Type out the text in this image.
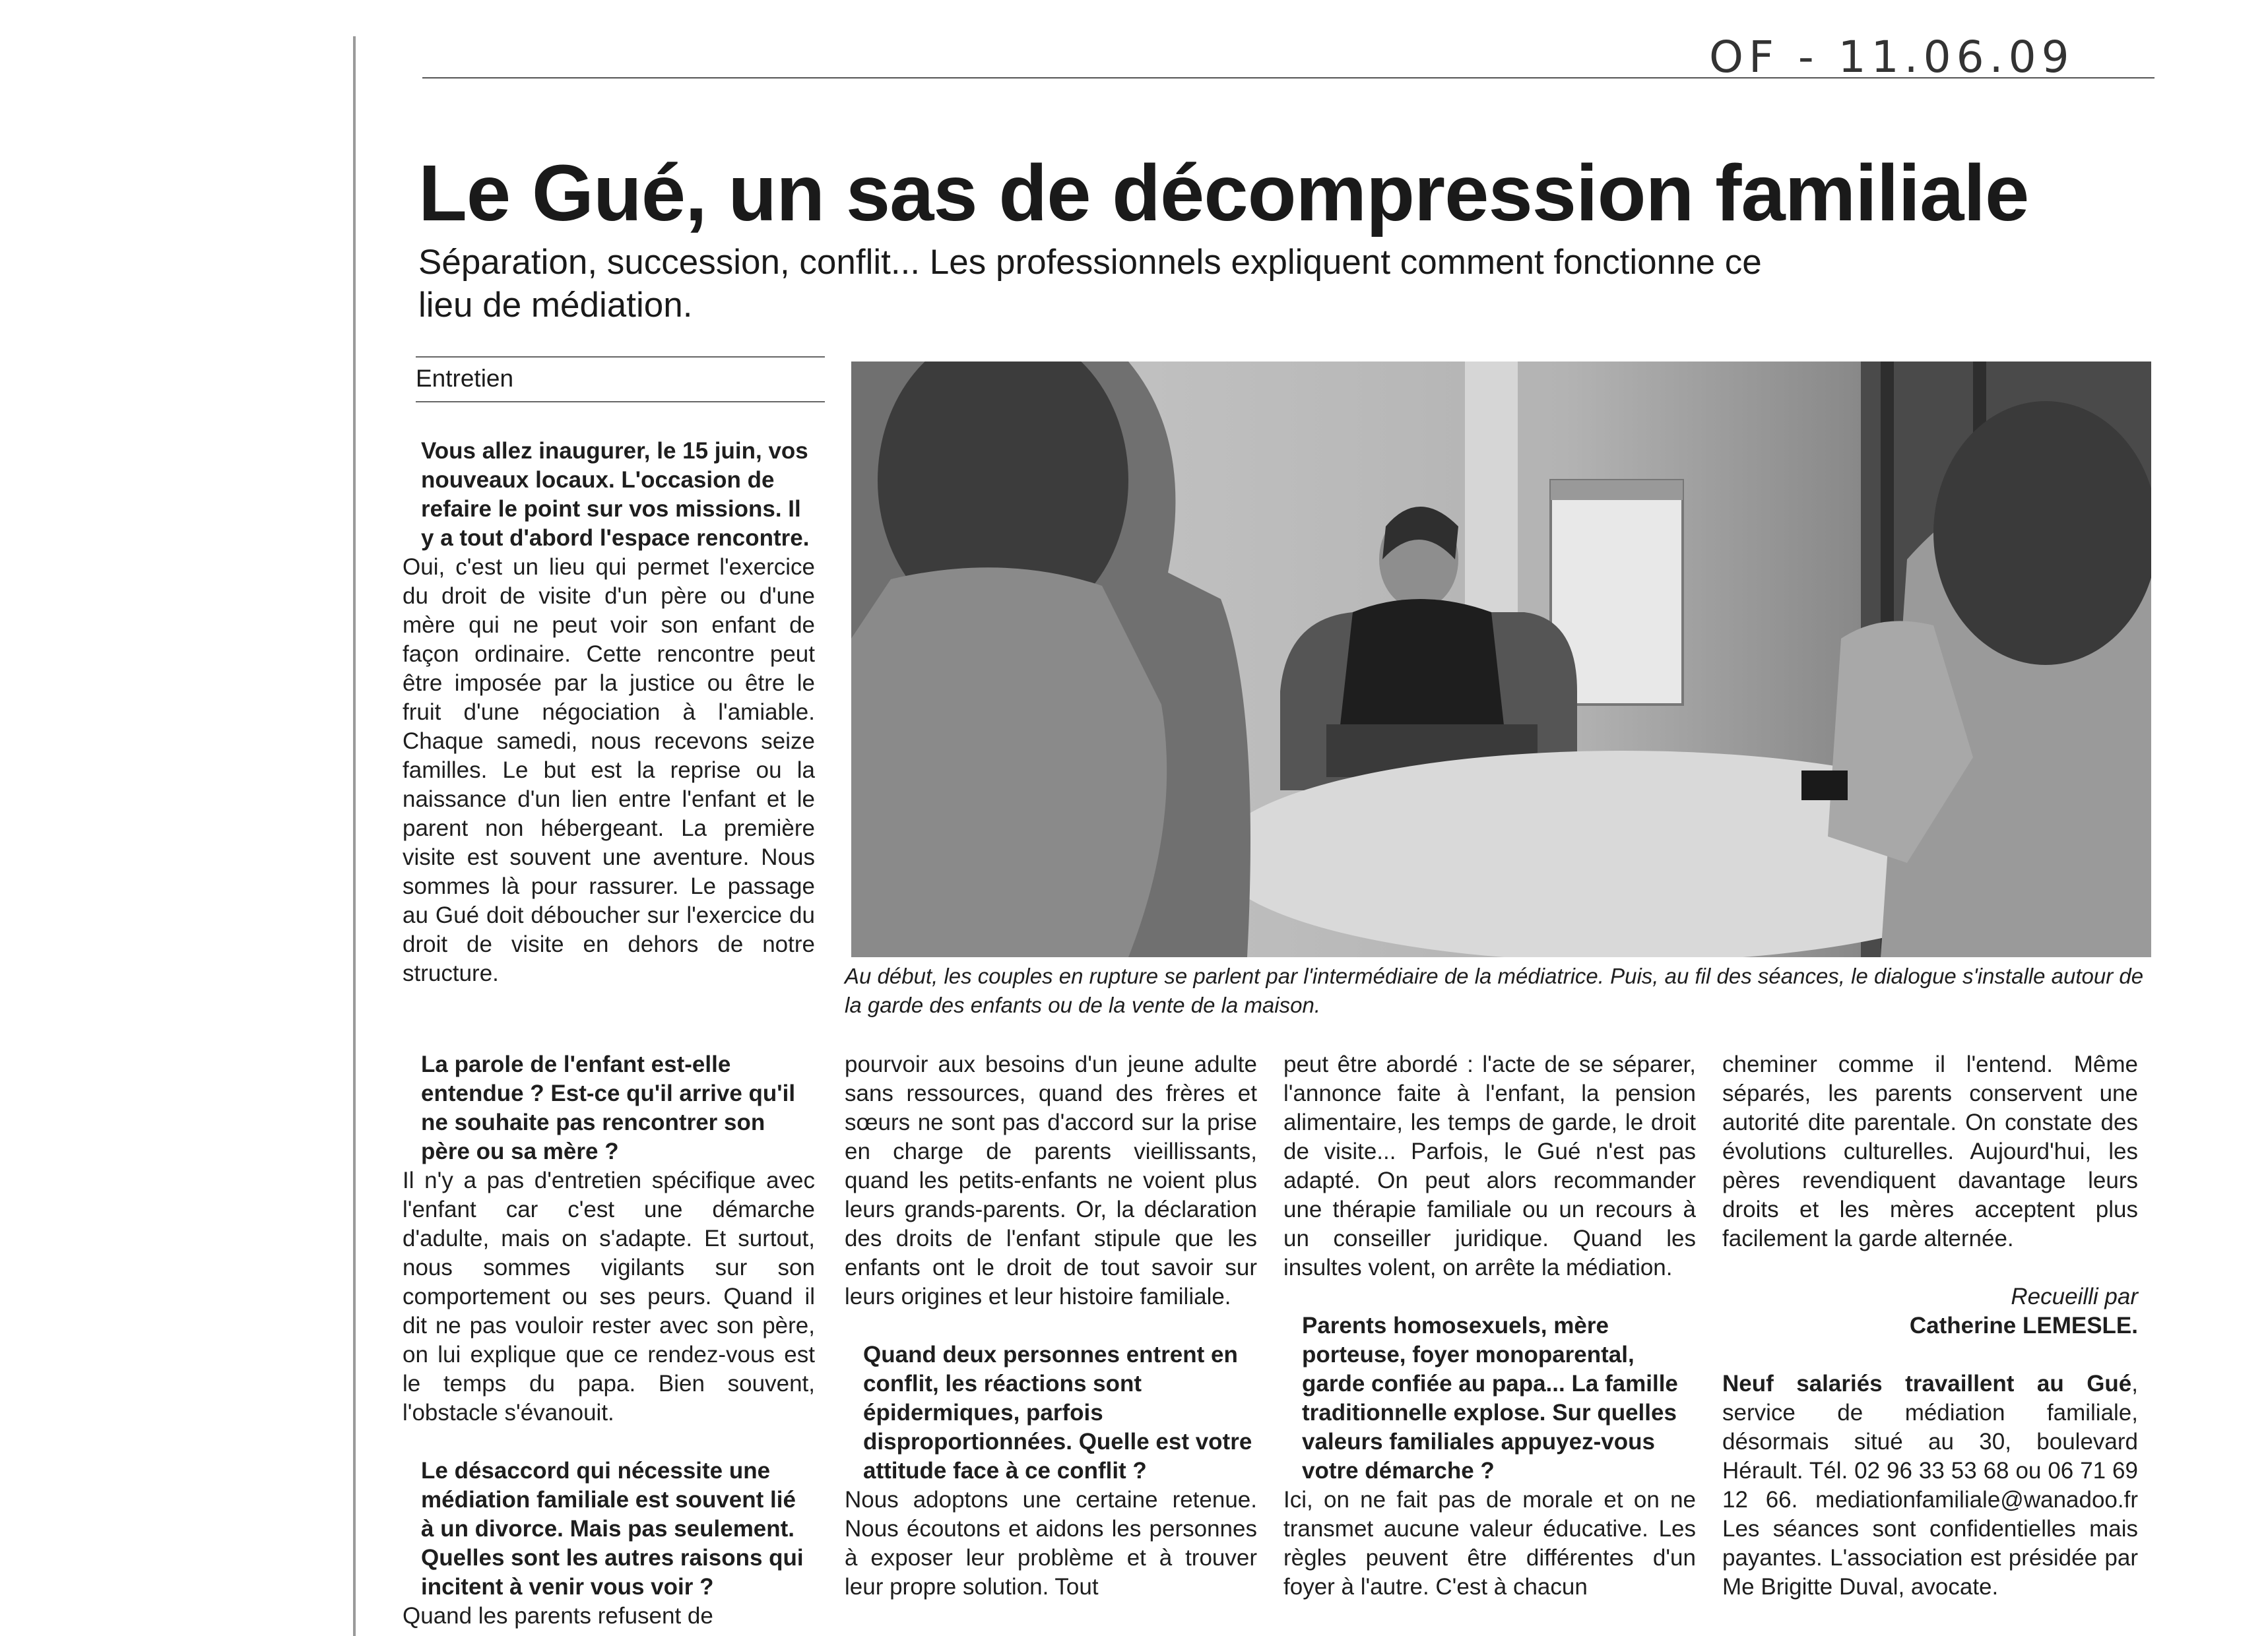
OF - 11.06.09
Le Gué, un sas de décompression familiale
Séparation, succession, conflit... Les professionnels expliquent comment fonctionne ce lieu de médiation.
Entretien

Vous allez inaugurer, le 15 juin, vos nouveaux locaux. L'occasion de refaire le point sur vos missions. Il y a tout d'abord l'espace rencontre.

Oui, c'est un lieu qui permet l'exercice du droit de visite d'un père ou d'une mère qui ne peut voir son enfant de façon ordinaire. Cette rencontre peut être imposée par la justice ou être le fruit d'une négociation à l'amiable. Chaque samedi, nous recevons seize familles. Le but est la reprise ou la naissance d'un lien entre l'enfant et le parent non hébergeant. La première visite est souvent une aventure. Nous sommes là pour rassurer. Le passage au Gué doit déboucher sur l'exercice du droit de visite en dehors de notre structure.	Au début, les couples en rupture se parlent par l'intermédiaire de la médiatrice. Puis, au fil des séances, le dialogue s'installe autour de la garde des enfants ou de la vente de la maison.

La parole de l'enfant est-elle entendue ? Est-ce qu'il arrive qu'il ne souhaite pas rencontrer son père ou sa mère ?

Il n'y a pas d'entretien spécifique avec l'enfant car c'est une démarche d'adulte, mais on s'adapte. Et surtout, nous sommes vigilants sur son comportement ou ses peurs. Quand il dit ne pas vouloir rester avec son père, on lui explique que ce rendez-vous est le temps du papa. Bien souvent, l'obstacle s'évanouit.

Le désaccord qui nécessite une médiation familiale est souvent lié à un divorce. Mais pas seulement. Quelles sont les autres raisons qui incitent à venir vous voir ?

Quand les parents refusent de

pourvoir aux besoins d'un jeune adulte sans ressources, quand des frères et sœurs ne sont pas d'accord sur la prise en charge de parents vieillissants, quand les petits-enfants ne voient plus leurs grands-parents. Or, la déclaration des droits de l'enfant stipule que les enfants ont le droit de tout savoir sur leurs origines et leur histoire familiale.

Quand deux personnes entrent en conflit, les réactions sont épidermiques, parfois disproportionnées. Quelle est votre attitude face à ce conflit ?

Nous adoptons une certaine retenue. Nous écoutons et aidons les personnes à exposer leur problème et à trouver leur propre solution. Tout

peut être abordé : l'acte de se séparer, l'annonce faite à l'enfant, la pension alimentaire, les temps de garde, le droit de visite... Parfois, le Gué n'est pas adapté. On peut alors recommander une thérapie familiale ou un recours à un conseiller juridique. Quand les insultes volent, on arrête la médiation.

Parents homosexuels, mère porteuse, foyer monoparental, garde confiée au papa... La famille traditionnelle explose. Sur quelles valeurs familiales appuyez-vous votre démarche ?

Ici, on ne fait pas de morale et on ne transmet aucune valeur éducative. Les règles peuvent être différentes d'un foyer à l'autre. C'est à chacun

cheminer comme il l'entend. Même séparés, les parents conservent une autorité dite parentale. On constate des évolutions culturelles. Aujourd'hui, les pères revendiquent davantage leurs droits et les mères acceptent plus facilement la garde alternée.

Recueilli par

Catherine LEMESLE.

Neuf salariés travaillent au Gué, service de médiation familiale, désormais situé au 30, boulevard Hérault. Tél. 02 96 33 53 68 ou 06 71 69 12 66. mediationfamiliale@wanadoo.fr Les séances sont confidentielles mais payantes. L'association est présidée par Me Brigitte Duval, avocate.
